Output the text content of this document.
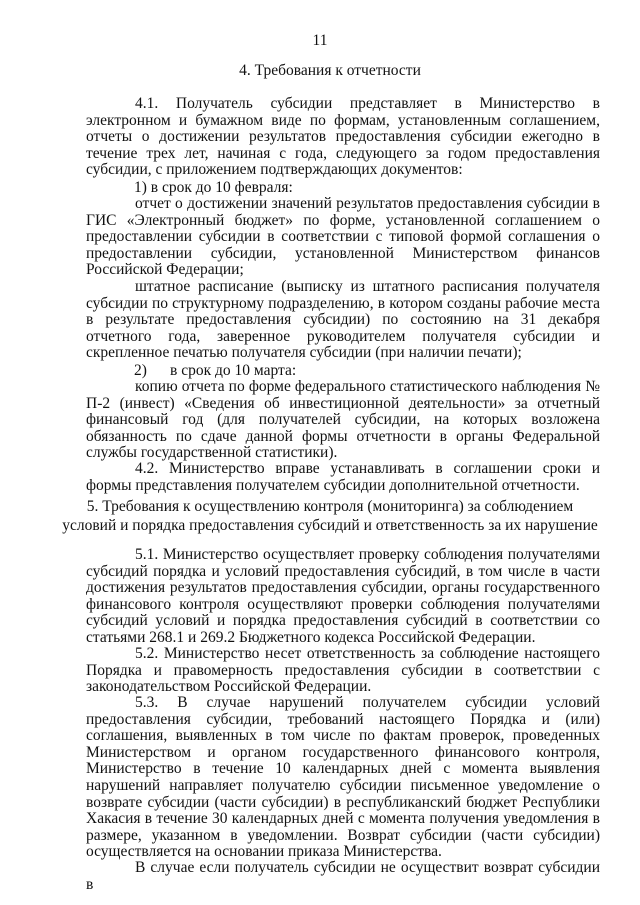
11
4. Требования к отчетности

4.1. Получатель субсидии представляет в Министерство в электронном и бумажном виде по формам, установленным соглашением, отчеты о достижении результатов предоставления субсидии ежегодно в течение трех лет, начиная с года, следующего за годом предоставления субсидии, с приложением подтверждающих документов:

1) в срок до 10 февраля:

отчет о достижении значений результатов предоставления субсидии в ГИС «Электронный бюджет» по форме, установленной соглашением о предоставлении субсидии в соответствии с типовой формой соглашения о предоставлении субсидии, установленной Министерством финансов Российской Федерации;

штатное расписание (выписку из штатного расписания получателя субсидии по структурному подразделению, в котором созданы рабочие места в результате предоставления субсидии) по состоянию на 31 декабря отчетного года, заверенное руководителем получателя субсидии и скрепленное печатью получателя субсидии (при наличии печати);

2) в срок до 10 марта:

копию отчета по форме федерального статистического наблюдения № П-2 (инвест) «Сведения об инвестиционной деятельности» за отчетный финансовый год (для получателей субсидии, на которых возложена обязанность по сдаче данной формы отчетности в органы Федеральной службы государственной статистики).

4.2. Министерство вправе устанавливать в соглашении сроки и формы представления получателем субсидии дополнительной отчетности.

5. Требования к осуществлению контроля (мониторинга) за соблюдением
условий и порядка предоставления субсидий и ответственность за их нарушение

5.1. Министерство осуществляет проверку соблюдения получателями субсидий порядка и условий предоставления субсидий, в том числе в части достижения результатов предоставления субсидии, органы государственного финансового контроля осуществляют проверки соблюдения получателями субсидий условий и порядка предоставления субсидий в соответствии со статьями 268.1 и 269.2 Бюджетного кодекса Российской Федерации.

5.2. Министерство несет ответственность за соблюдение настоящего Порядка и правомерность предоставления субсидии в соответствии с законодательством Российской Федерации.

5.3. В случае нарушений получателем субсидии условий предоставления субсидии, требований настоящего Порядка и (или) соглашения, выявленных в том числе по фактам проверок, проведенных Министерством и органом государственного финансового контроля, Министерство в течение 10 календарных дней с момента выявления нарушений направляет получателю субсидии письменное уведомление о возврате субсидии (части субсидии) в республиканский бюджет Республики Хакасия в течение 30 календарных дней с момента получения уведомления в размере, указанном в уведомлении. Возврат субсидии (части субсидии) осуществляется на основании приказа Министерства.

В случае если получатель субсидии не осуществит возврат субсидии в
